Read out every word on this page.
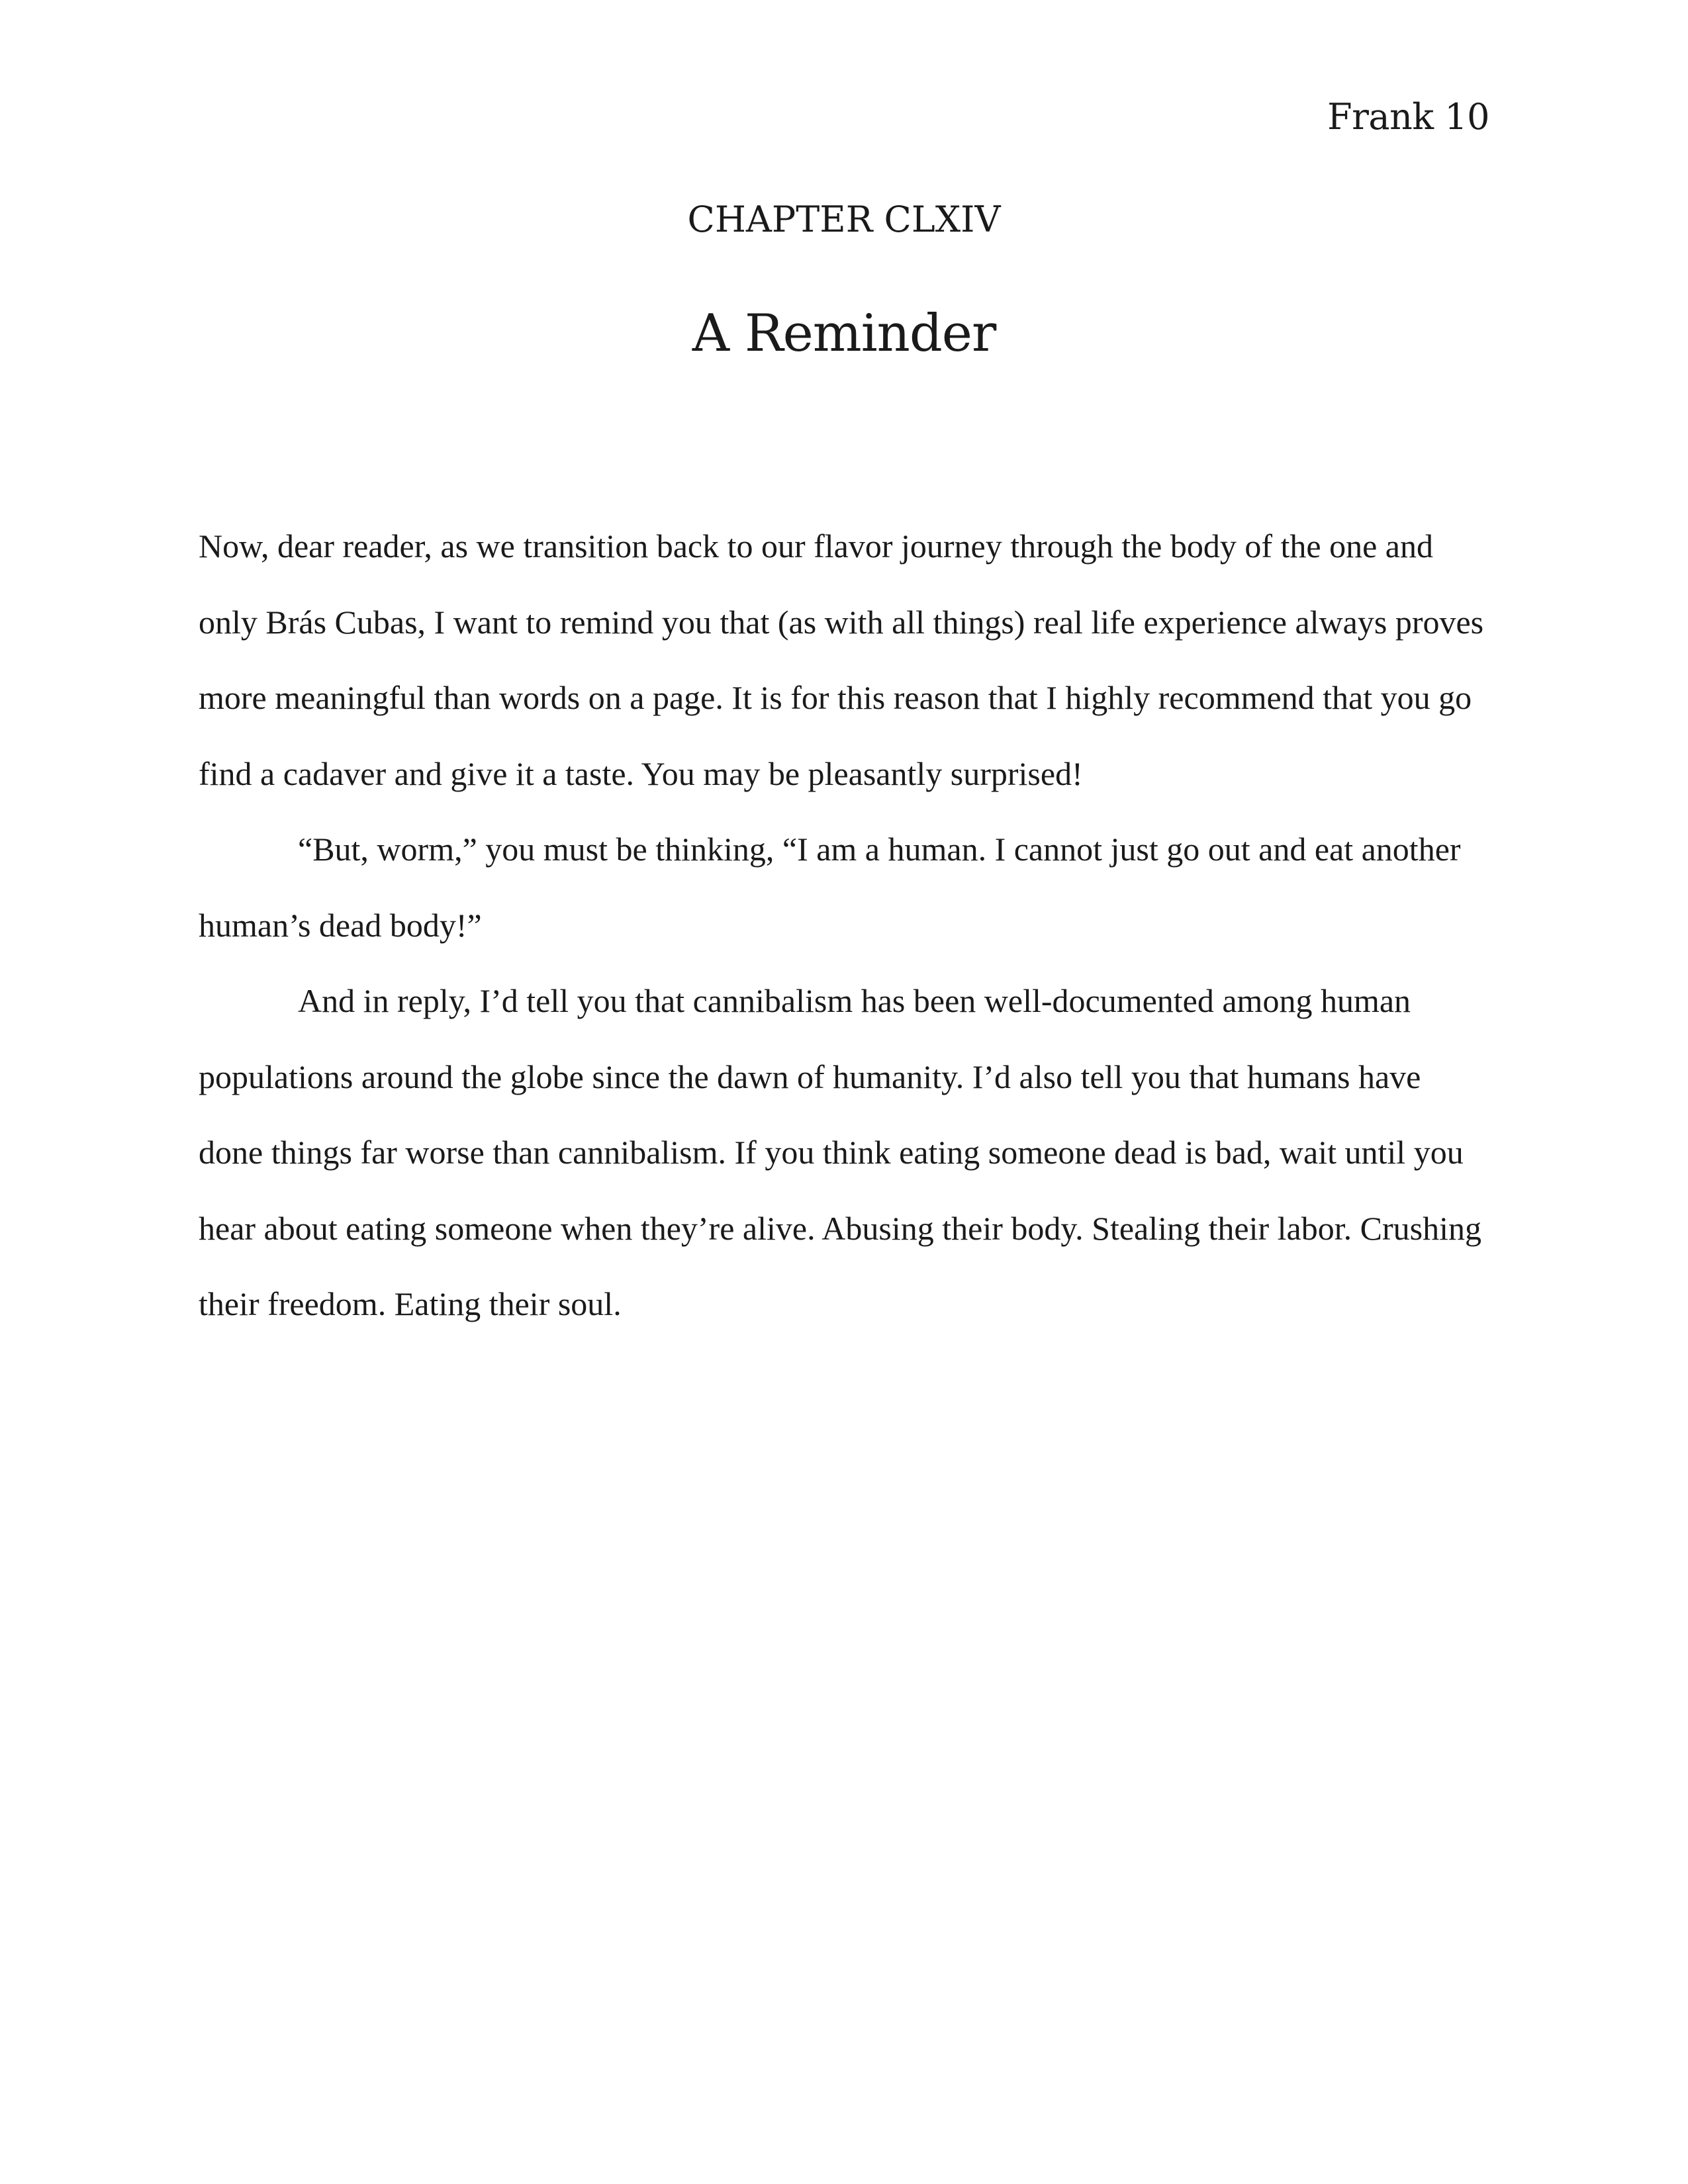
Frank 10
CHAPTER CLXIV
A Reminder

Now, dear reader, as we transition back to our flavor journey through the body of the one and only Brás Cubas, I want to remind you that (as with all things) real life experience always proves more meaningful than words on a page. It is for this reason that I highly recommend that you go find a cadaver and give it a taste. You may be pleasantly surprised!

“But, worm,” you must be thinking, “I am a human. I cannot just go out and eat another human’s dead body!”

And in reply, I’d tell you that cannibalism has been well-documented among human populations around the globe since the dawn of humanity. I’d also tell you that humans have done things far worse than cannibalism. If you think eating someone dead is bad, wait until you hear about eating someone when they’re alive. Abusing their body. Stealing their labor. Crushing their freedom. Eating their soul.
